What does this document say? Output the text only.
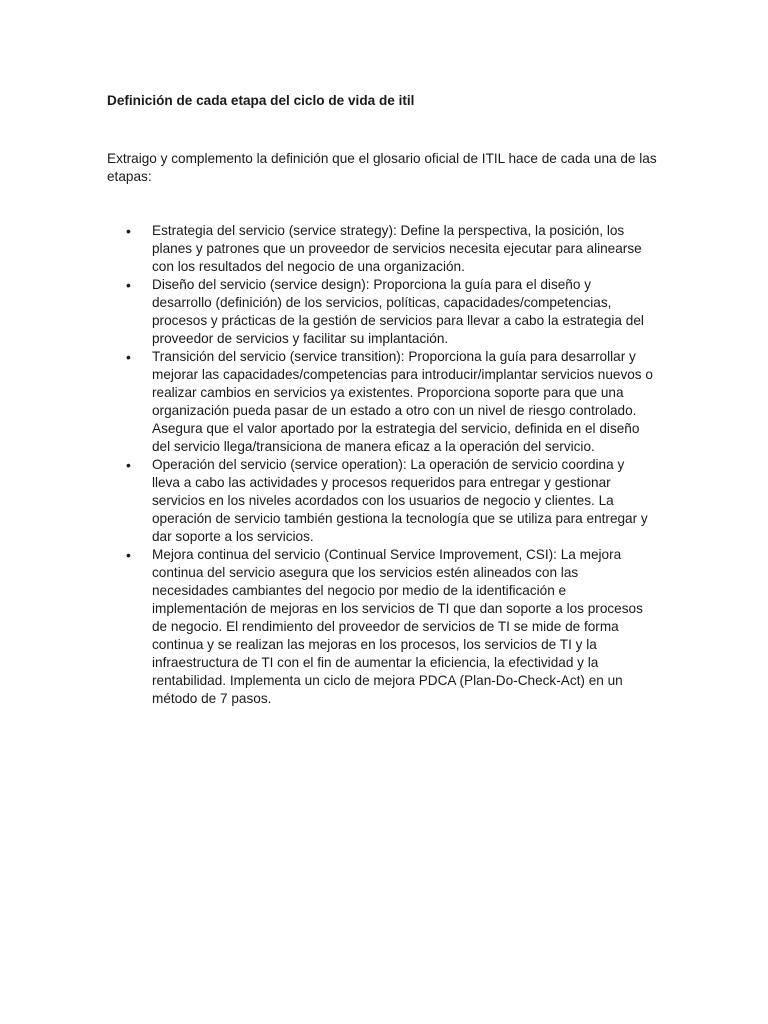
Definición de cada etapa del ciclo de vida de itil

Extraigo y complemento la definición que el glosario oficial de ITIL hace de cada una de las etapas:

•	Estrategia del servicio (service strategy): Define la perspectiva, la posición, los
planes y patrones que un proveedor de servicios necesita ejecutar para alinearse
con los resultados del negocio de una organización.
•	Diseño del servicio (service design): Proporciona la guía para el diseño y
desarrollo (definición) de los servicios, políticas, capacidades/competencias,
procesos y prácticas de la gestión de servicios para llevar a cabo la estrategia del
proveedor de servicios y facilitar su implantación.
•	Transición del servicio (service transition): Proporciona la guía para desarrollar y
mejorar las capacidades/competencias para introducir/implantar servicios nuevos o
realizar cambios en servicios ya existentes. Proporciona soporte para que una
organización pueda pasar de un estado a otro con un nivel de riesgo controlado.
Asegura que el valor aportado por la estrategia del servicio, definida en el diseño
del servicio llega/transiciona de manera eficaz a la operación del servicio.
•	Operación del servicio (service operation): La operación de servicio coordina y
lleva a cabo las actividades y procesos requeridos para entregar y gestionar
servicios en los niveles acordados con los usuarios de negocio y clientes. La
operación de servicio también gestiona la tecnología que se utiliza para entregar y
dar soporte a los servicios.
•	Mejora continua del servicio (Continual Service Improvement, CSI): La mejora
continua del servicio asegura que los servicios estén alineados con las
necesidades cambiantes del negocio por medio de la identificación e
implementación de mejoras en los servicios de TI que dan soporte a los procesos
de negocio. El rendimiento del proveedor de servicios de TI se mide de forma
continua y se realizan las mejoras en los procesos, los servicios de TI y la
infraestructura de TI con el fin de aumentar la eficiencia, la efectividad y la
rentabilidad. Implementa un ciclo de mejora PDCA (Plan-Do-Check-Act) en un
método de 7 pasos.
